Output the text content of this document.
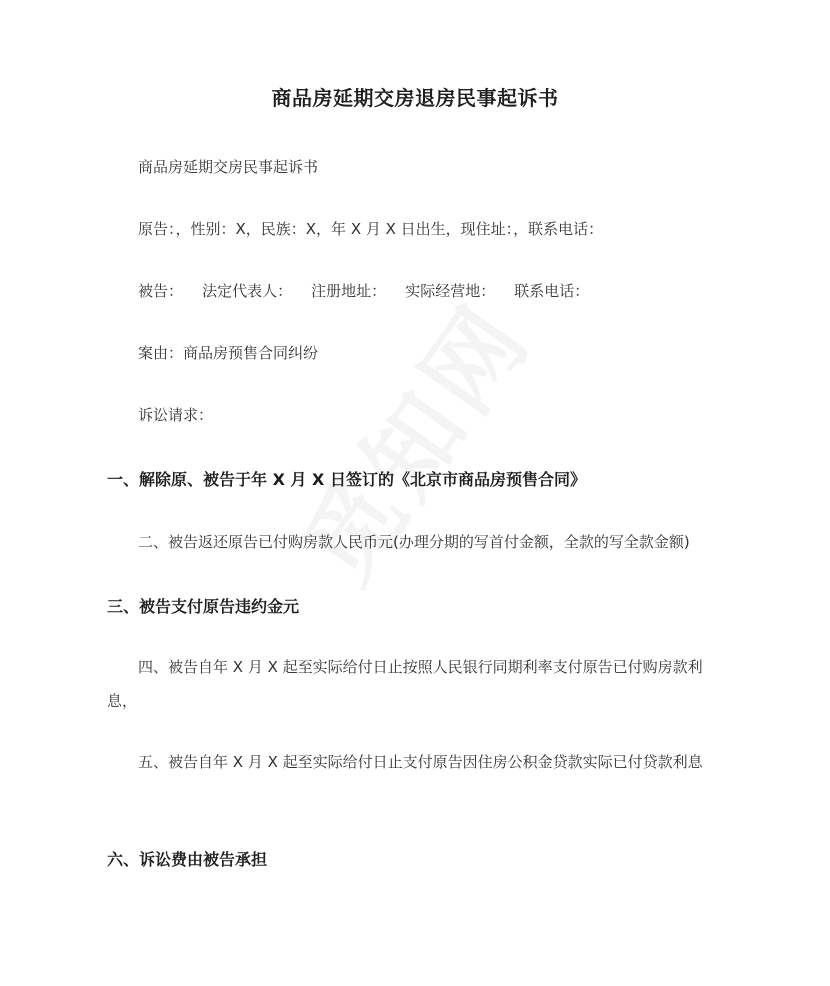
商品房延期交房退房民事起诉书
商品房延期交房民事起诉书
原告：，性别：X，民族：X，年 X 月 X 日出生，现住址：，联系电话：
被告：    法定代表人：    注册地址：    实际经营地：    联系电话：
案由：商品房预售合同纠纷
诉讼请求：
一、解除原、被告于年 X 月 X 日签订的《北京市商品房预售合同》
二、被告返还原告已付购房款人民币元(办理分期的写首付金额，全款的写全款金额)
三、被告支付原告违约金元
四、被告自年 X 月 X 起至实际给付日止按照人民银行同期利率支付原告已付购房款利息，
五、被告自年 X 月 X 起至实际给付日止支付原告因住房公积金贷款实际已付贷款利息
六、诉讼费由被告承担
